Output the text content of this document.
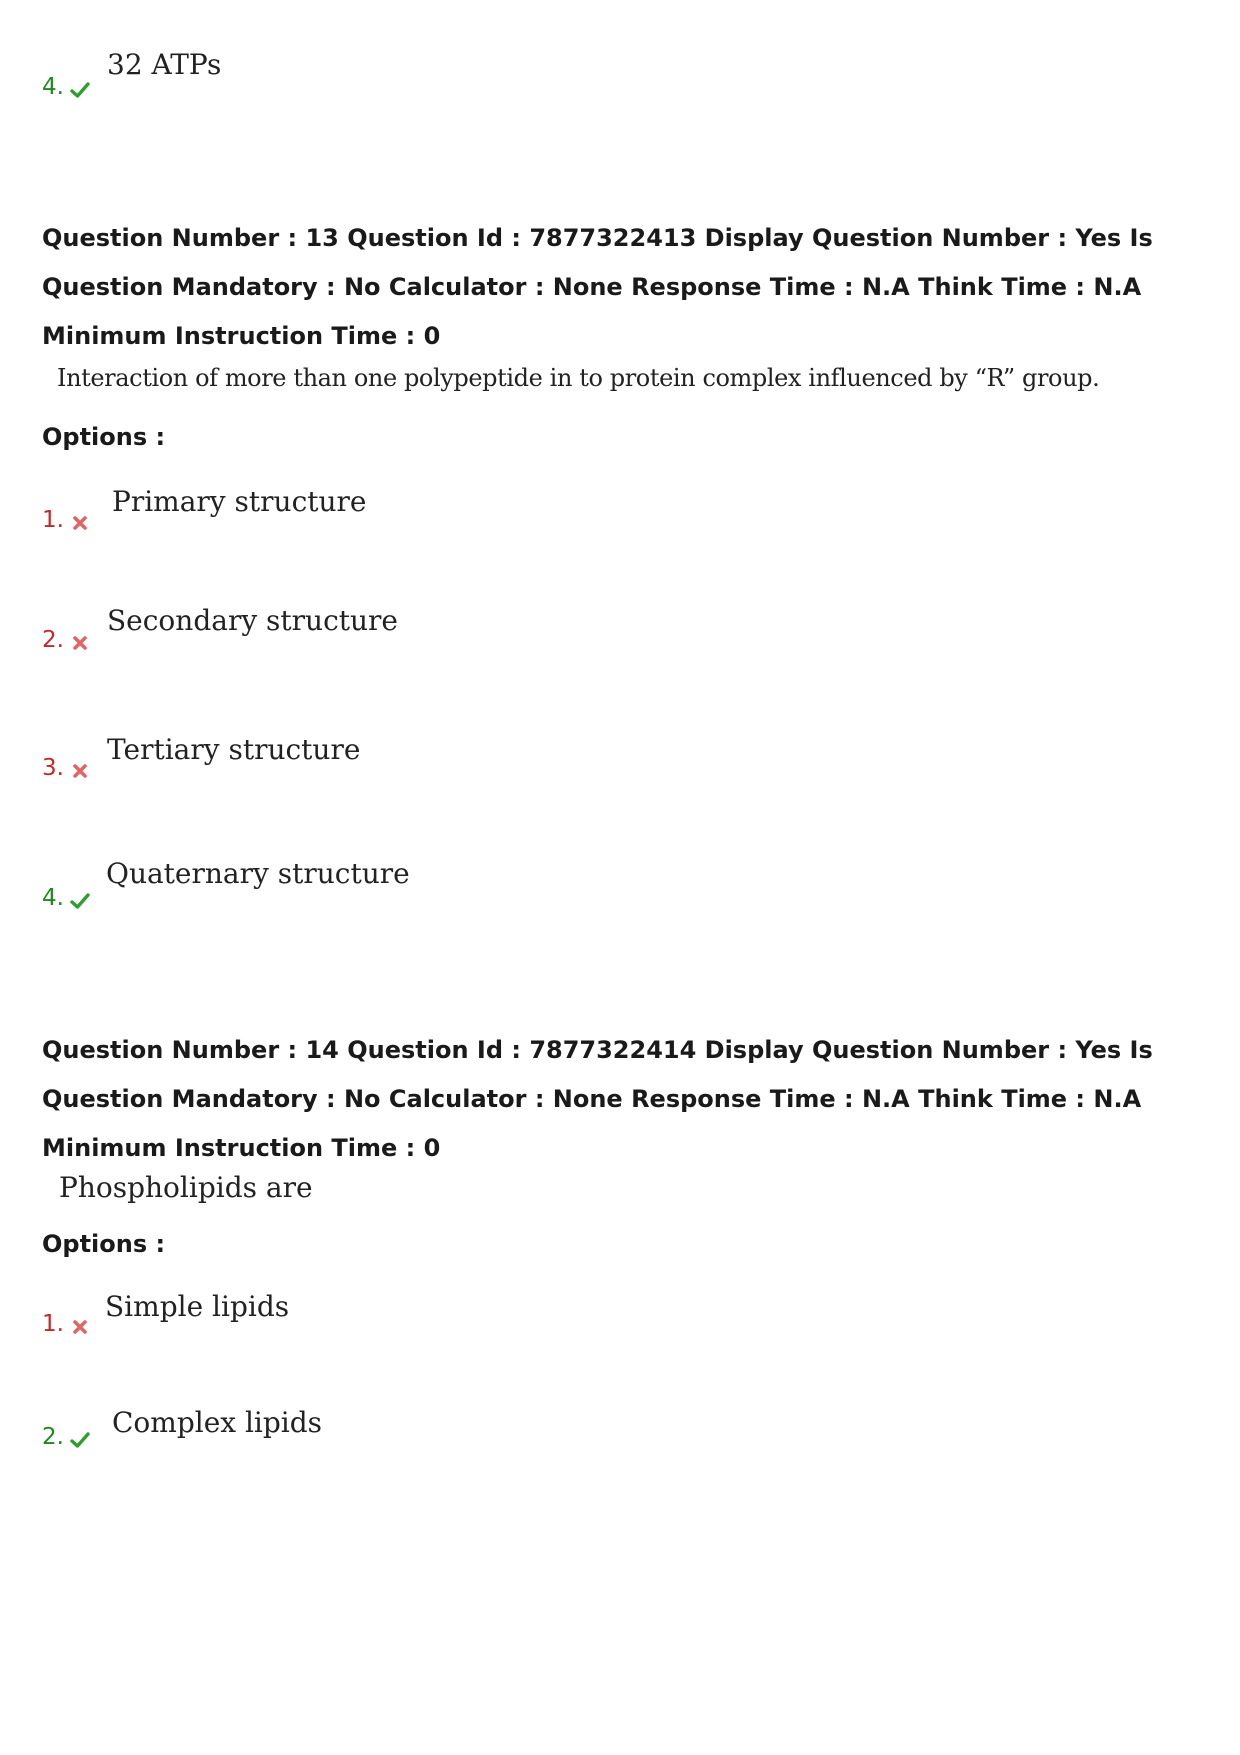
4.
32 ATPs
Question Number : 13 Question Id : 7877322413 Display Question Number : Yes Is Question Mandatory : No Calculator : None Response Time : N.A Think Time : N.A Minimum Instruction Time : 0
Interaction of more than one polypeptide in to protein complex influenced by “R” group.
Options :
1.
Primary structure
2.
Secondary structure
3.
Tertiary structure
4.
Quaternary structure
Question Number : 14 Question Id : 7877322414 Display Question Number : Yes Is Question Mandatory : No Calculator : None Response Time : N.A Think Time : N.A Minimum Instruction Time : 0
Phospholipids are
Options :
1.
Simple lipids
2.	Complex lipids
